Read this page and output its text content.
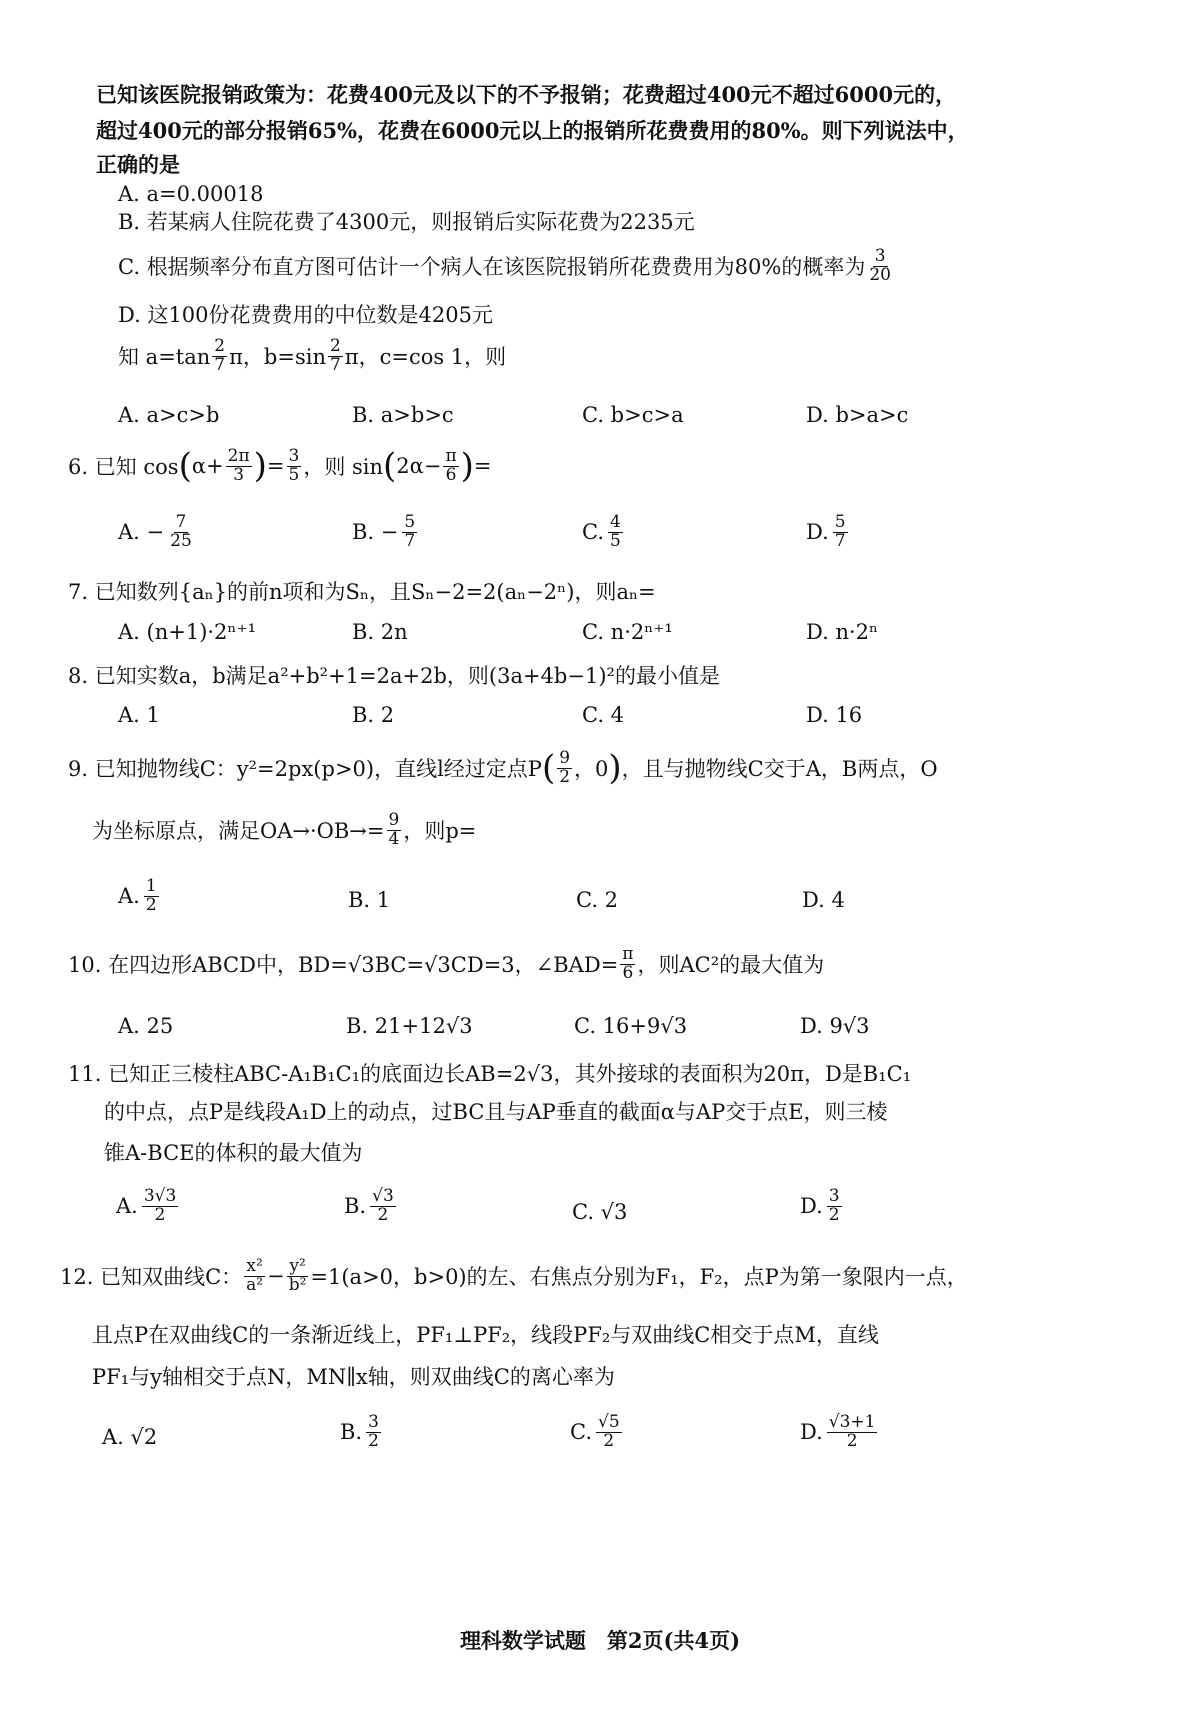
已知该医院报销政策为：花费400元及以下的不予报销；花费超过400元不超过6000元的，
超过400元的部分报销65%，花费在6000元以上的报销所花费费用的80%。则下列说法中，
正确的是
A. a=0.00018
B. 若某病人住院花费了4300元，则报销后实际花费为2235元
C. 根据频率分布直方图可估计一个病人在该医院报销所花费费用为80%的概率为 $\frac{3}{20}$
D. 这100份花费费用的中位数是4205元
知 $a=\tan \frac{2}{7}$ π，$b=\sin \frac{2}{7}$ π，c=cos 1，则
A. a>c>b	B. a>b>c	C. b>c>a	D. b>a>c
6. 已知 cos ( $\alpha+ \frac{2\pi}{3}$ ) = $\frac{3}{5}$ ，则 sin ( $2\alpha- \frac{\pi}{6}$ ) =
A. − $\frac{7}{25}$	B. − $\frac{5}{7}$	C. $\frac{4}{5}$	D. $\frac{5}{7}$
7. 已知数列{aₙ}的前n项和为Sₙ，且Sₙ−2=2(aₙ−2ⁿ)，则aₙ=
A. (n+1)·2ⁿ⁺¹	B. 2n	C. n·2ⁿ⁺¹	D. n·2ⁿ
8. 已知实数a，b满足a²+b²+1=2a+2b，则(3a+4b−1)²的最小值是
A. 1	B. 2	C. 4	D. 16
9. 已知抛物线C：y²=2px(p>0)，直线l经过定点P ( $\frac{9}{2}$ ，0 ) ，且与抛物线C交于A，B两点，O
为坐标原点，满足$OA\to\cdot OB\to= \frac{9}{4}$ ，则p=
A. $\frac{1}{2}$	B. 1	C. 2	D. 4
10. 在四边形ABCD中，BD=√3BC=√3CD=3，∠BAD= $\frac{\pi}{6}$ ，则AC²的最大值为
A. 25	B. 21+12√3	C. 16+9√3	D. 9√3
11. 已知正三棱柱ABC-A₁B₁C₁的底面边长AB=2√3，其外接球的表面积为20π，D是B₁C₁
的中点，点P是线段A₁D上的动点，过BC且与AP垂直的截面α与AP交于点E，则三棱
锥A-BCE的体积的最大值为
A. $\frac{3√3}{2}$	B. $\frac{√3}{2}$	C. √3	D. $\frac{3}{2}$
12. 已知双曲线C： $\frac{\text{x²}}{\text{a²}} - \frac{\text{y²}}{\text{b²}} =1(a>0$，b>0)的左、右焦点分别为F₁，F₂，点P为第一象限内一点，
且点P在双曲线C的一条渐近线上，PF₁⊥PF₂，线段PF₂与双曲线C相交于点M，直线
PF₁与y轴相交于点N，MN∥x轴，则双曲线C的离心率为
A. √2	B. $\frac{3}{2}$	C. $\frac{√5}{2}$	D. $\frac{√3+1}{2}$
理科数学试题　第2页(共4页)
